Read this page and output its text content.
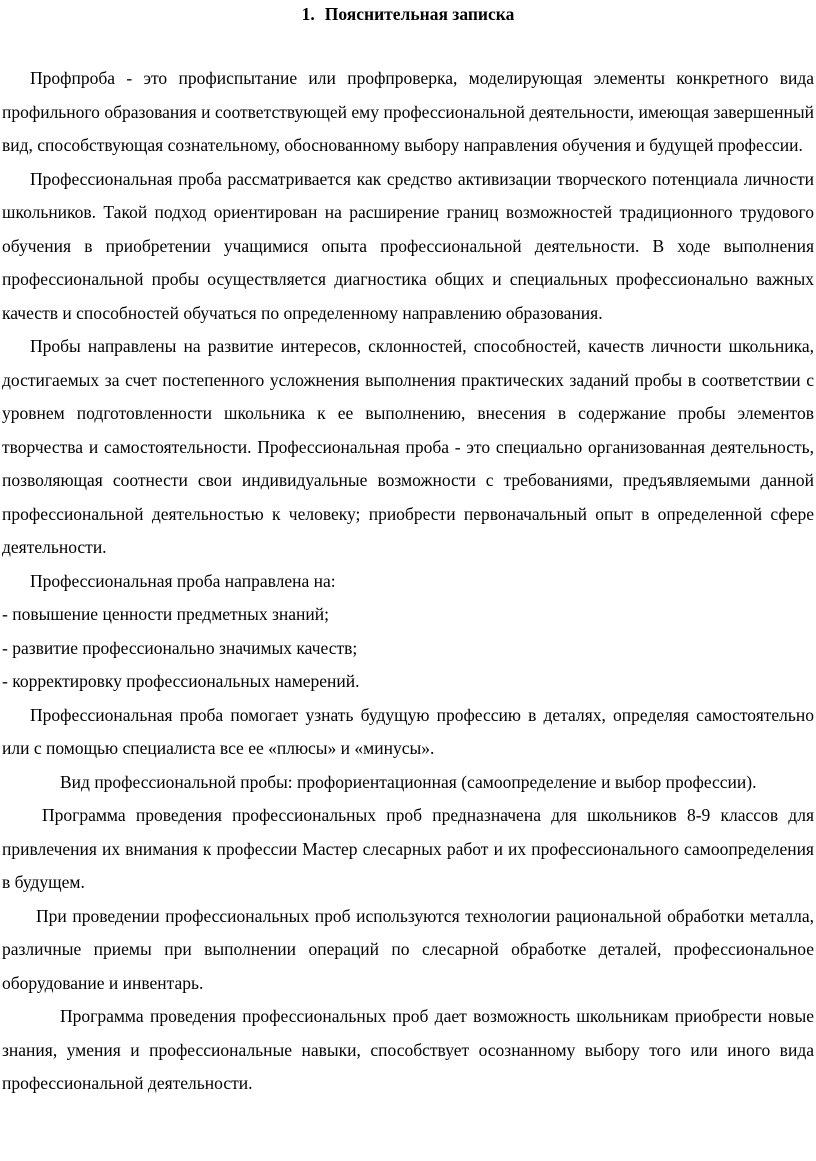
1. Пояснительная записка

Профпроба - это профиспытание или профпроверка, моделирующая элементы конкретного вида профильного образования и соответствующей ему профессиональной деятельности, имеющая завершенный вид, способствующая сознательному, обоснованному выбору направления обучения и будущей профессии.

Профессиональная проба рассматривается как средство активизации творческого потенциала личности школьников. Такой подход ориентирован на расширение границ возможностей традиционного трудового обучения в приобретении учащимися опыта профессиональной деятельности. В ходе выполнения профессиональной пробы осуществляется диагностика общих и специальных профессионально важных качеств и способностей обучаться по определенному направлению образования.

Пробы направлены на развитие интересов, склонностей, способностей, качеств личности школьника, достигаемых за счет постепенного усложнения выполнения практических заданий пробы в соответствии с уровнем подготовленности школьника к ее выполнению, внесения в содержание пробы элементов творчества и самостоятельности. Профессиональная проба - это специально организованная деятельность, позволяющая соотнести свои индивидуальные возможности с требованиями, предъявляемыми данной профессиональной деятельностью к человеку; приобрести первоначальный опыт в определенной сфере деятельности.

Профессиональная проба направлена на:

- повышение ценности предметных знаний;

- развитие профессионально значимых качеств;

- корректировку профессиональных намерений.

Профессиональная проба помогает узнать будущую профессию в деталях, определяя самостоятельно или с помощью специалиста все ее «плюсы» и «минусы».

Вид профессиональной пробы: профориентационная (самоопределение и выбор профессии).

Программа проведения профессиональных проб предназначена для школьников 8-9 классов для привлечения их внимания к профессии Мастер слесарных работ и их профессионального самоопределения в будущем.

При проведении профессиональных проб используются технологии рациональной обработки металла, различные приемы при выполнении операций по слесарной обработке деталей, профессиональное оборудование и инвентарь.

Программа проведения профессиональных проб дает возможность школьникам приобрести новые знания, умения и профессиональные навыки, способствует осознанному выбору того или иного вида профессиональной деятельности.
